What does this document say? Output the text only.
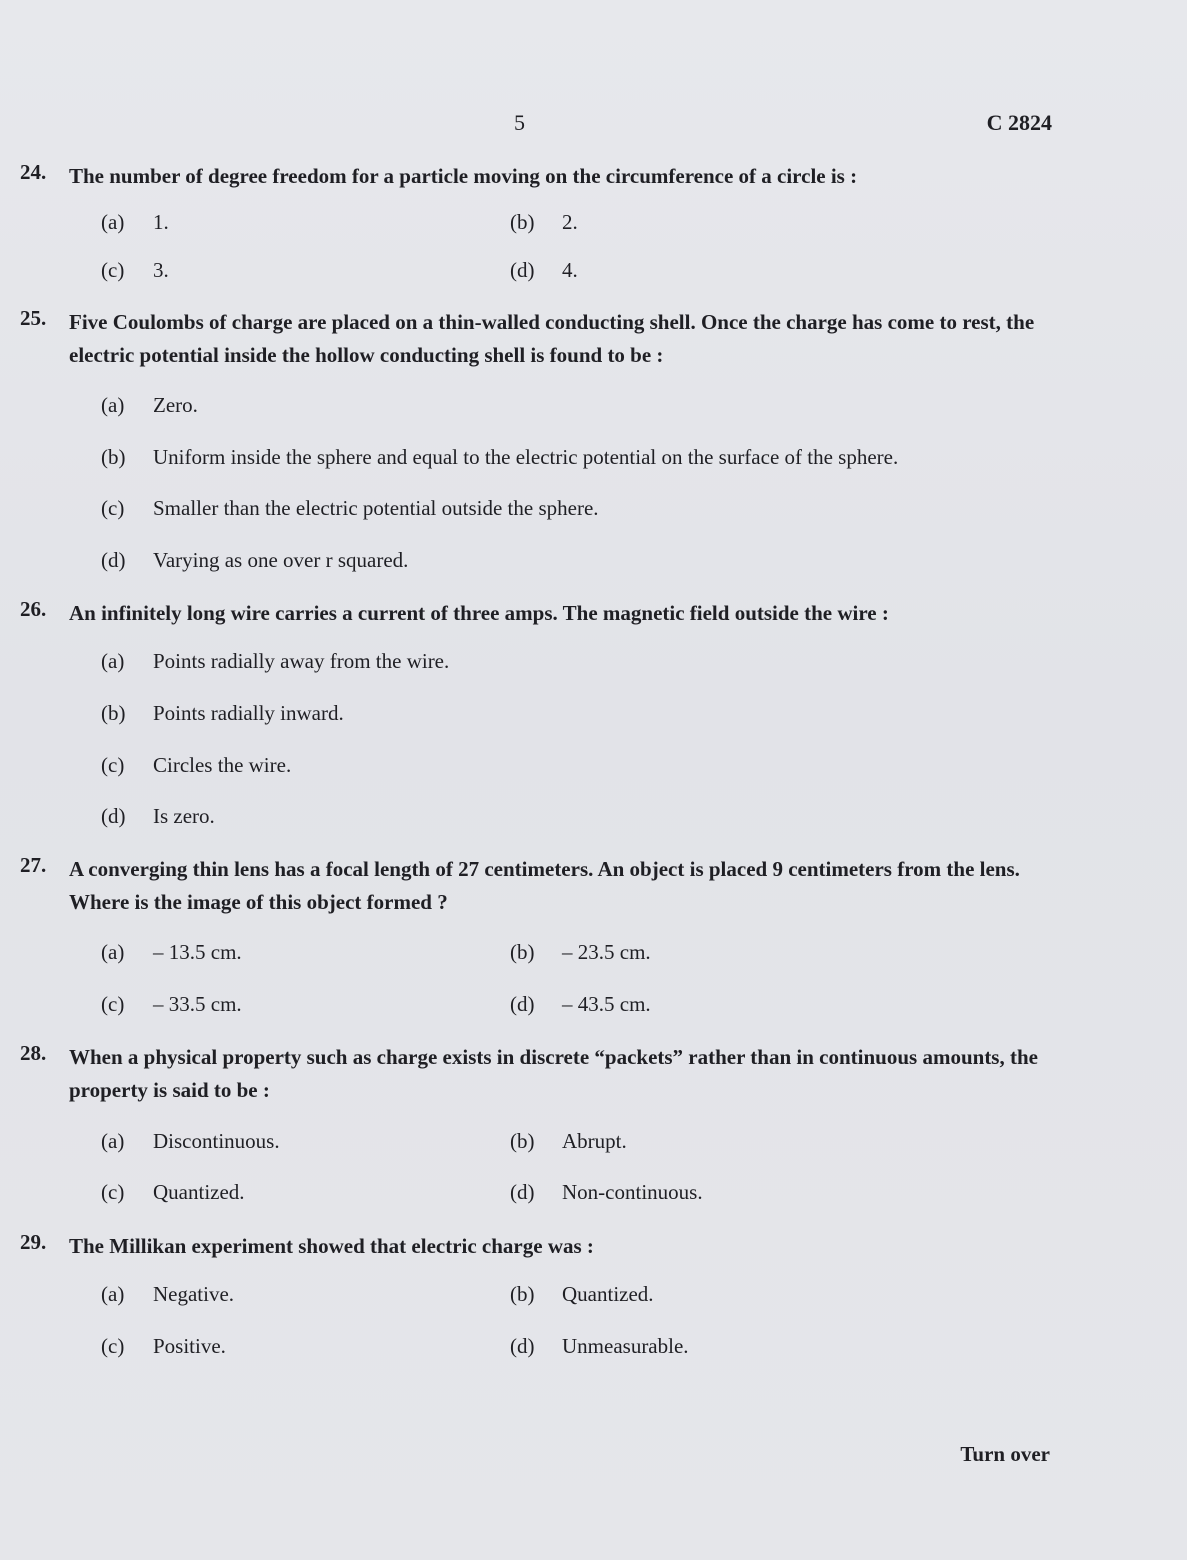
5	C 2824
24. The number of degree freedom for a particle moving on the circumference of a circle is :
(a) 1.	(b) 2.
(c) 3.	(d) 4.
25. Five Coulombs of charge are placed on a thin-walled conducting shell. Once the charge has come to rest, the electric potential inside the hollow conducting shell is found to be :
(a) Zero.
(b) Uniform inside the sphere and equal to the electric potential on the surface of the sphere.
(c) Smaller than the electric potential outside the sphere.
(d) Varying as one over r squared.
26. An infinitely long wire carries a current of three amps. The magnetic field outside the wire :
(a) Points radially away from the wire.
(b) Points radially inward.
(c) Circles the wire.
(d) Is zero.
27. A converging thin lens has a focal length of 27 centimeters. An object is placed 9 centimeters from the lens. Where is the image of this object formed ?
(a) – 13.5 cm.	(b) – 23.5 cm.
(c) – 33.5 cm.	(d) – 43.5 cm.
28. When a physical property such as charge exists in discrete “packets” rather than in continuous amounts, the property is said to be :
(a) Discontinuous.	(b) Abrupt.
(c) Quantized.	(d) Non-continuous.
29. The Millikan experiment showed that electric charge was :
(a) Negative.	(b) Quantized.
(c) Positive.	(d) Unmeasurable.
Turn over
